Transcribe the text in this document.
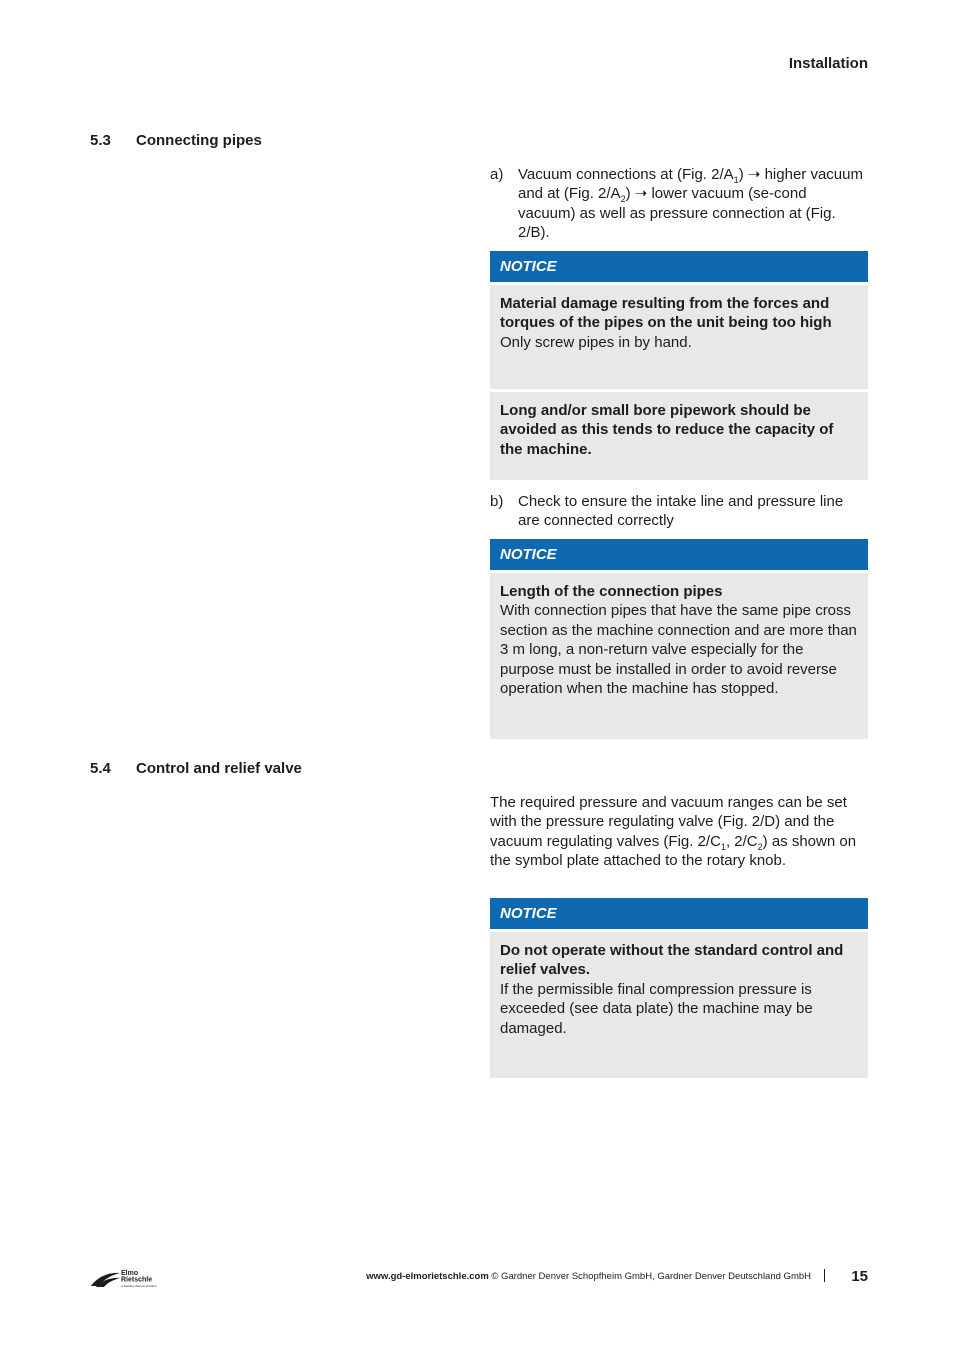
Installation
5.3 Connecting pipes
a) Vacuum connections at (Fig. $2/A_1$) ➝ higher vacuum and at (Fig. $2/A_2$) ➝ lower vacuum (se-cond vacuum) as well as pressure connection at (Fig. 2/B).
NOTICE
Material damage resulting from the forces and torques of the pipes on the unit being too high
Only screw pipes in by hand.
Long and/or small bore pipework should be avoided as this tends to reduce the capacity of the machine.
b) Check to ensure the intake line and pressure line are connected correctly
NOTICE
Length of the connection pipes
With connection pipes that have the same pipe cross section as the machine connection and are more than 3 m long, a non-return valve especially for the purpose must be installed in order to avoid reverse operation when the machine has stopped.
5.4 Control and relief valve
The required pressure and vacuum ranges can be set with the pressure regulating valve (Fig. 2/D) and the vacuum regulating valves (Fig. $2/C_1$, $2/C_2$) as shown on the symbol plate attached to the rotary knob.
NOTICE
Do not operate without the standard control and relief valves.
If the permissible final compression pressure is exceeded (see data plate) the machine may be damaged.
Elmo
Rietschle
A Gardner Denver Product
www.gd-elmorietschle.com © Gardner Denver Schopfheim GmbH, Gardner Denver Deutschland GmbH	15
